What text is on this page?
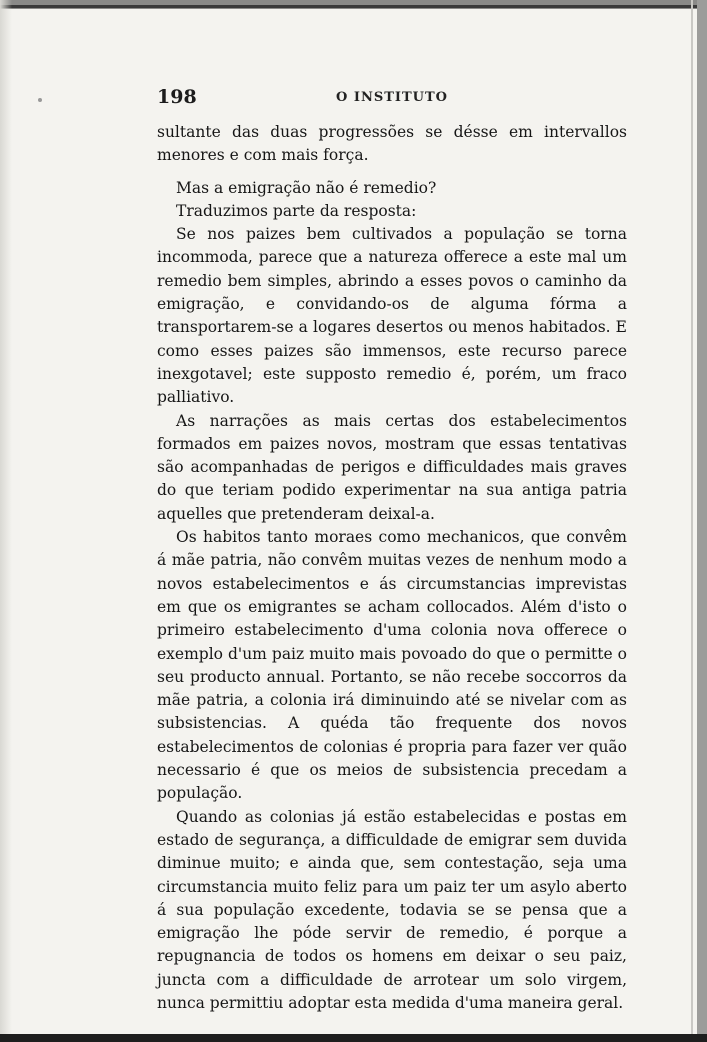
198	O INSTITUTO

sultante das duas progressões se désse em intervallos menores e com mais força.

Mas a emigração não é remedio?

Traduzimos parte da resposta:

Se nos paizes bem cultivados a população se torna incommoda, parece que a natureza offerece a este mal um remedio bem simples, abrindo a esses povos o caminho da emigração, e convidando-os de alguma fórma a transportarem-se a logares desertos ou menos habitados. E como esses paizes são immensos, este recurso parece inexgotavel; este supposto remedio é, porém, um fraco palliativo.

As narrações as mais certas dos estabelecimentos formados em paizes novos, mostram que essas tentativas são acompanhadas de perigos e difficuldades mais graves do que teriam podido experimentar na sua antiga patria aquelles que pretenderam deixal-a.

Os habitos tanto moraes como mechanicos, que convêm á mãe patria, não convêm muitas vezes de nenhum modo a novos estabelecimentos e ás circumstancias imprevistas em que os emigrantes se acham collocados. Além d'isto o primeiro estabelecimento d'uma colonia nova offerece o exemplo d'um paiz muito mais povoado do que o permitte o seu producto annual. Portanto, se não recebe soccorros da mãe patria, a colonia irá diminuindo até se nivelar com as subsistencias. A quéda tão frequente dos novos estabelecimentos de colonias é propria para fazer ver quão necessario é que os meios de subsistencia precedam a população.

Quando as colonias já estão estabelecidas e postas em estado de segurança, a difficuldade de emigrar sem duvida diminue muito; e ainda que, sem contestação, seja uma circumstancia muito feliz para um paiz ter um asylo aberto á sua população excedente, todavia se se pensa que a emigração lhe póde servir de remedio, é porque a repugnancia de todos os homens em deixar o seu paiz, juncta com a difficuldade de arrotear um solo virgem, nunca permittiu adoptar esta medida d'uma maneira geral.
